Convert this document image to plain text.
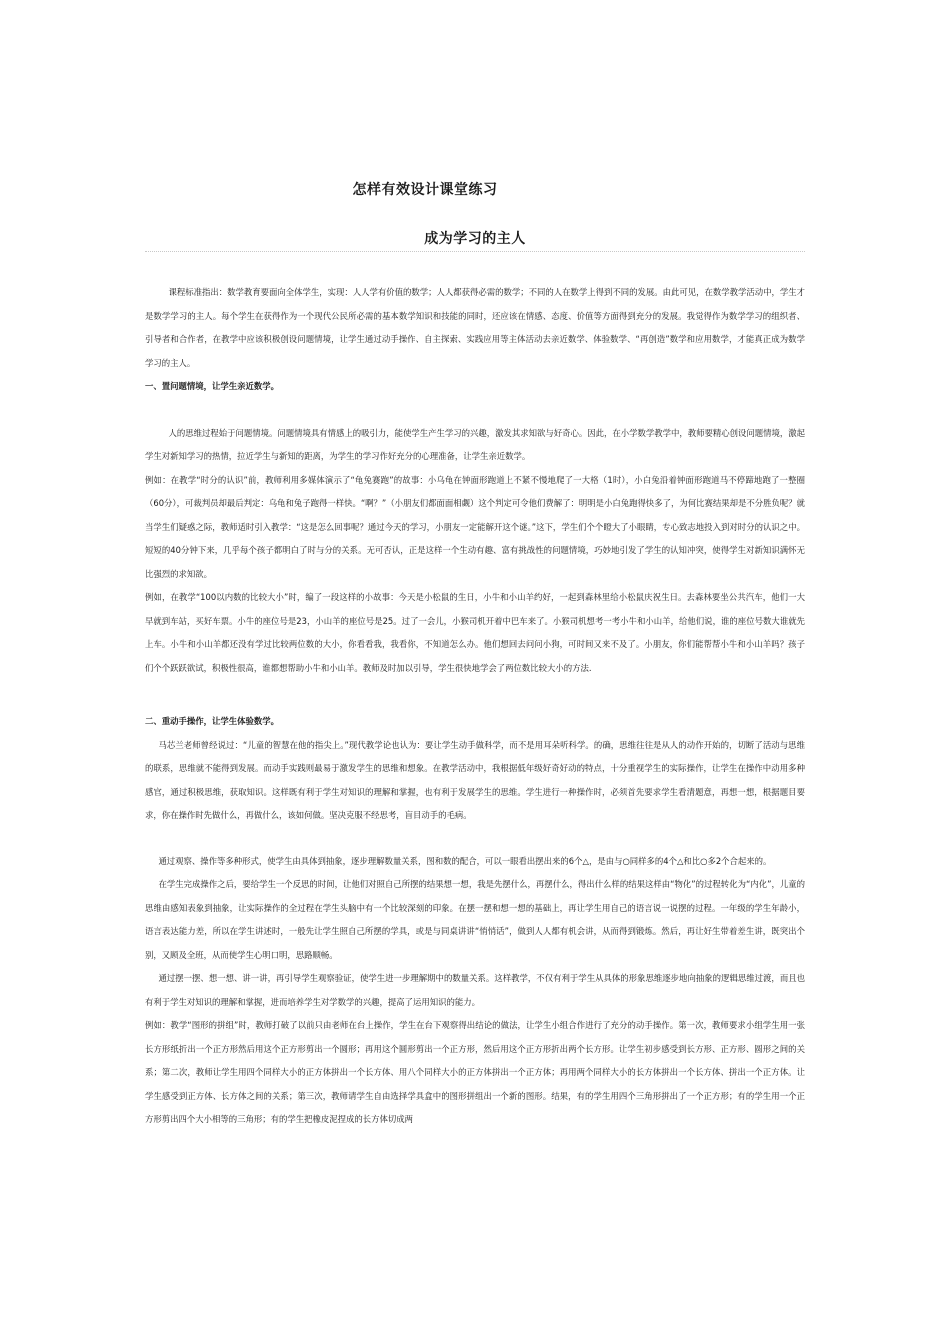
怎样有效设计课堂练习
成为学习的主人

课程标准指出：数学教育要面向全体学生，实现：人人学有价值的数学；人人都获得必需的数学；不同的人在数学上得到不同的发展。由此可见，在数学教学活动中，学生才是数学学习的主人。每个学生在获得作为一个现代公民所必需的基本数学知识和技能的同时，还应该在情感、态度、价值等方面得到充分的发展。我觉得作为数学学习的组织者、引导者和合作者，在教学中应该积极创设问题情境，让学生通过动手操作、自主探索、实践应用等主体活动去亲近数学、体验数学、“再创造”数学和应用数学，才能真正成为数学学习的主人。

一、置问题情境，让学生亲近数学。

人的思维过程始于问题情境。问题情境具有情感上的吸引力，能使学生产生学习的兴趣，激发其求知欲与好奇心。因此，在小学数学教学中，教师要精心创设问题情境，激起学生对新知学习的热情，拉近学生与新知的距离，为学生的学习作好充分的心理准备，让学生亲近数学。

例如：在教学“时分的认识”前，教师利用多媒体演示了“龟兔赛跑”的故事：小乌龟在钟面形跑道上不紧不慢地爬了一大格（1时），小白兔沿着钟面形跑道马不停蹄地跑了一整圈（60分），可裁判员却最后判定：乌龟和兔子跑得一样快。“啊？”（小朋友们都面面相觑）这个判定可令他们费解了：明明是小白兔跑得快多了，为何比赛结果却是不分胜负呢？就当学生们疑惑之际，教师适时引入教学：“这是怎么回事呢？通过今天的学习，小朋友一定能解开这个谜。”这下，学生们个个瞪大了小眼睛，专心致志地投入到对时分的认识之中。短短的40分钟下来，几乎每个孩子都明白了时与分的关系。无可否认，正是这样一个生动有趣、富有挑战性的问题情境，巧妙地引发了学生的认知冲突，使得学生对新知识满怀无比强烈的求知欲。

例如，在教学“100以内数的比较大小”时，编了一段这样的小故事：今天是小松鼠的生日，小牛和小山羊约好，一起到森林里给小松鼠庆祝生日。去森林要坐公共汽车，他们一大早就到车站，买好车票。小牛的座位号是23，小山羊的座位号是25。过了一会儿，小猴司机开着中巴车来了。小猴司机想考一考小牛和小山羊，给他们说，谁的座位号数大谁就先上车。小牛和小山羊都还没有学过比较两位数的大小，你看看我，我看你，不知道怎么办。他们想回去问问小狗，可时间又来不及了。小朋友，你们能帮帮小牛和小山羊吗？孩子们个个跃跃欲试，积极性很高，谁都想帮助小牛和小山羊。教师及时加以引导，学生很快地学会了两位数比较大小的方法.

二、重动手操作，让学生体验数学。

马芯兰老师曾经说过：“儿童的智慧在他的指尖上。”现代教学论也认为：要让学生动手做科学，而不是用耳朵听科学。的确，思维往往是从人的动作开始的，切断了活动与思维的联系，思维就不能得到发展。而动手实践则最易于激发学生的思维和想象。在教学活动中，我根据低年级好奇好动的特点，十分重视学生的实际操作，让学生在操作中动用多种感官，通过积极思维，获取知识。这样既有利于学生对知识的理解和掌握，也有利于发展学生的思维。学生进行一种操作时，必须首先要求学生看清题意，再想一想，根据题目要求，你在操作时先做什么，再做什么，该如何做。坚决克服不经思考，盲目动手的毛病。

通过观察、操作等多种形式，使学生由具体到抽象，逐步理解数量关系，图和数的配合，可以一眼看出摆出来的6个△，是由与○同样多的4个△和比○多2个合起来的。

在学生完成操作之后，要给学生一个反思的时间，让他们对照自己所摆的结果想一想，我是先摆什么，再摆什么，得出什么样的结果这样由“物化”的过程转化为“内化”，儿童的思维由感知表象到抽象，让实际操作的全过程在学生头脑中有一个比较深刻的印象。在摆一摆和想一想的基础上，再让学生用自己的语言说一说摆的过程。一年级的学生年龄小，语言表达能力差，所以在学生讲述时，一般先让学生照自己所摆的学具，或是与同桌讲讲“悄悄话”，做到人人都有机会讲，从而得到锻炼。然后，再让好生带着差生讲，既突出个别，又顾及全班，从而使学生心明口明，思路顺畅。

通过摆一摆、想一想、讲一讲，再引导学生观察验证，使学生进一步理解期中的数量关系。这样教学，不仅有利于学生从具体的形象思维逐步地向抽象的逻辑思维过渡，而且也有利于学生对知识的理解和掌握，进而培养学生对学数学的兴趣，提高了运用知识的能力。

例如：教学“图形的拼组”时，教师打破了以前只由老师在台上操作，学生在台下观察得出结论的做法，让学生小组合作进行了充分的动手操作。第一次，教师要求小组学生用一张长方形纸折出一个正方形然后用这个正方形剪出一个圆形；再用这个圆形剪出一个正方形，然后用这个正方形折出两个长方形。让学生初步感受到长方形、正方形、圆形之间的关系；第二次，教师让学生用四个同样大小的正方体拼出一个长方体、用八个同样大小的正方体拼出一个正方体；再用两个同样大小的长方体拼出一个长方体、拼出一个正方体。让学生感受到正方体、长方体之间的关系；第三次，教师请学生自由选择学具盒中的图形拼组出一个新的图形。结果，有的学生用四个三角形拼出了一个正方形；有的学生用一个正方形剪出四个大小相等的三角形；有的学生把橡皮泥捏成的长方体切成两
